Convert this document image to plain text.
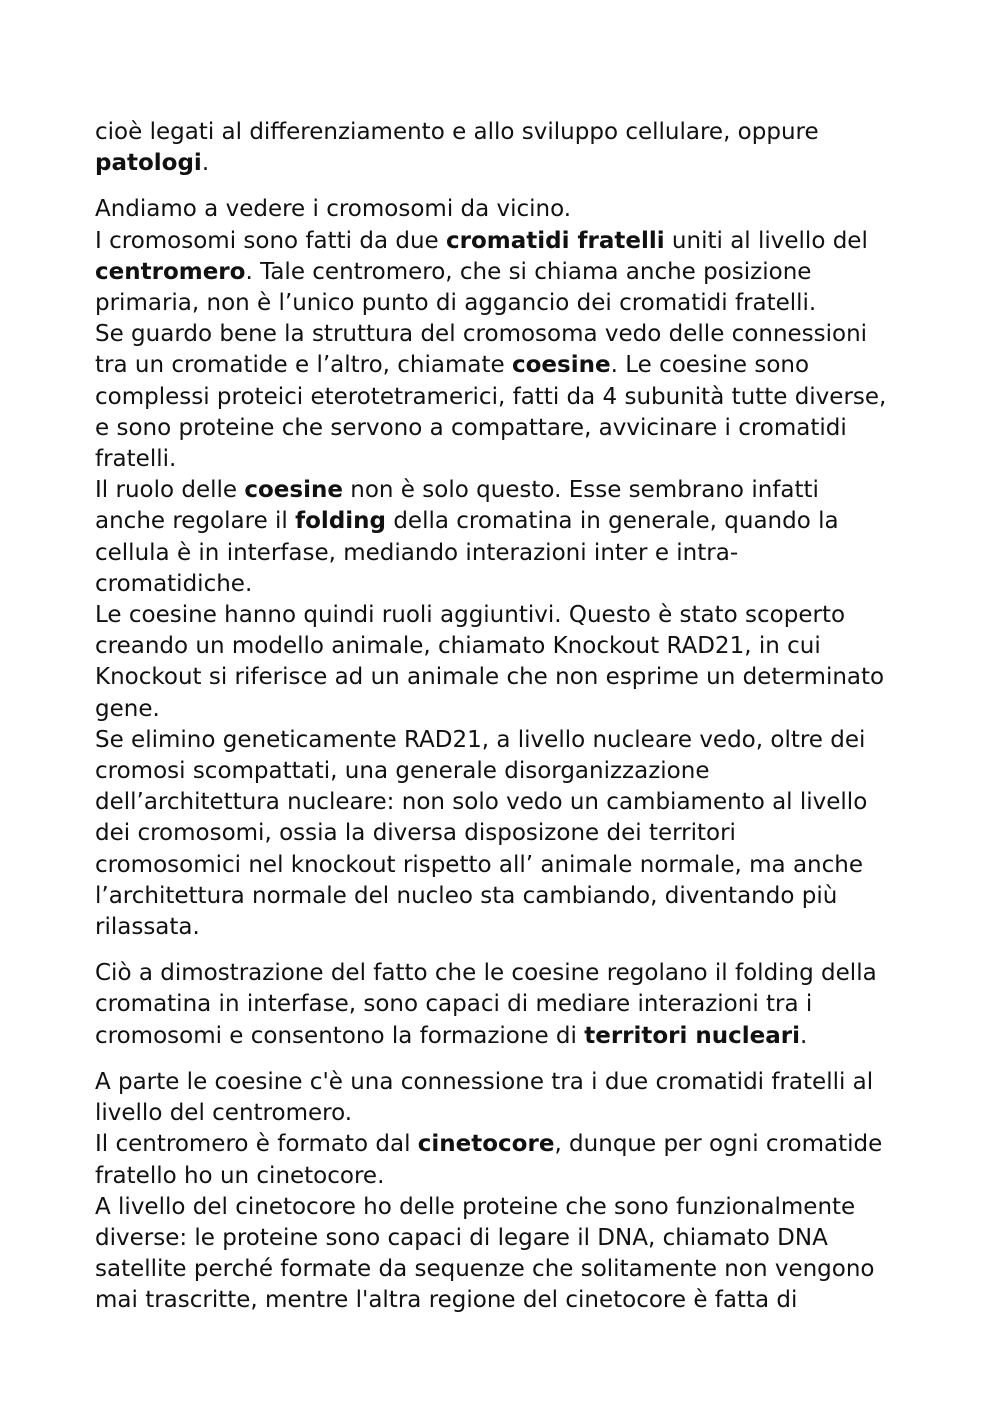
cioè legati al differenziamento e allo sviluppo cellulare, oppure
patologi.
Andiamo a vedere i cromosomi da vicino.
I cromosomi sono fatti da due cromatidi fratelli uniti al livello del
centromero. Tale centromero, che si chiama anche posizione
primaria, non è l’unico punto di aggancio dei cromatidi fratelli.
Se guardo bene la struttura del cromosoma vedo delle connessioni
tra un cromatide e l’altro, chiamate coesine. Le coesine sono
complessi proteici eterotetramerici, fatti da 4 subunità tutte diverse,
e sono proteine che servono a compattare, avvicinare i cromatidi
fratelli.
Il ruolo delle coesine non è solo questo. Esse sembrano infatti
anche regolare il folding della cromatina in generale, quando la
cellula è in interfase, mediando interazioni inter e intra-
cromatidiche.
Le coesine hanno quindi ruoli aggiuntivi. Questo è stato scoperto
creando un modello animale, chiamato Knockout RAD21, in cui
Knockout si riferisce ad un animale che non esprime un determinato
gene.
Se elimino geneticamente RAD21, a livello nucleare vedo, oltre dei
cromosi scompattati, una generale disorganizzazione
dell’architettura nucleare: non solo vedo un cambiamento al livello
dei cromosomi, ossia la diversa disposizone dei territori
cromosomici nel knockout rispetto all’ animale normale, ma anche
l’architettura normale del nucleo sta cambiando, diventando più
rilassata.
Ciò a dimostrazione del fatto che le coesine regolano il folding della
cromatina in interfase, sono capaci di mediare interazioni tra i
cromosomi e consentono la formazione di territori nucleari.
A parte le coesine c'è una connessione tra i due cromatidi fratelli al
livello del centromero.
Il centromero è formato dal cinetocore, dunque per ogni cromatide
fratello ho un cinetocore.
A livello del cinetocore ho delle proteine che sono funzionalmente
diverse: le proteine sono capaci di legare il DNA, chiamato DNA
satellite perché formate da sequenze che solitamente non vengono
mai trascritte, mentre l'altra regione del cinetocore è fatta di
